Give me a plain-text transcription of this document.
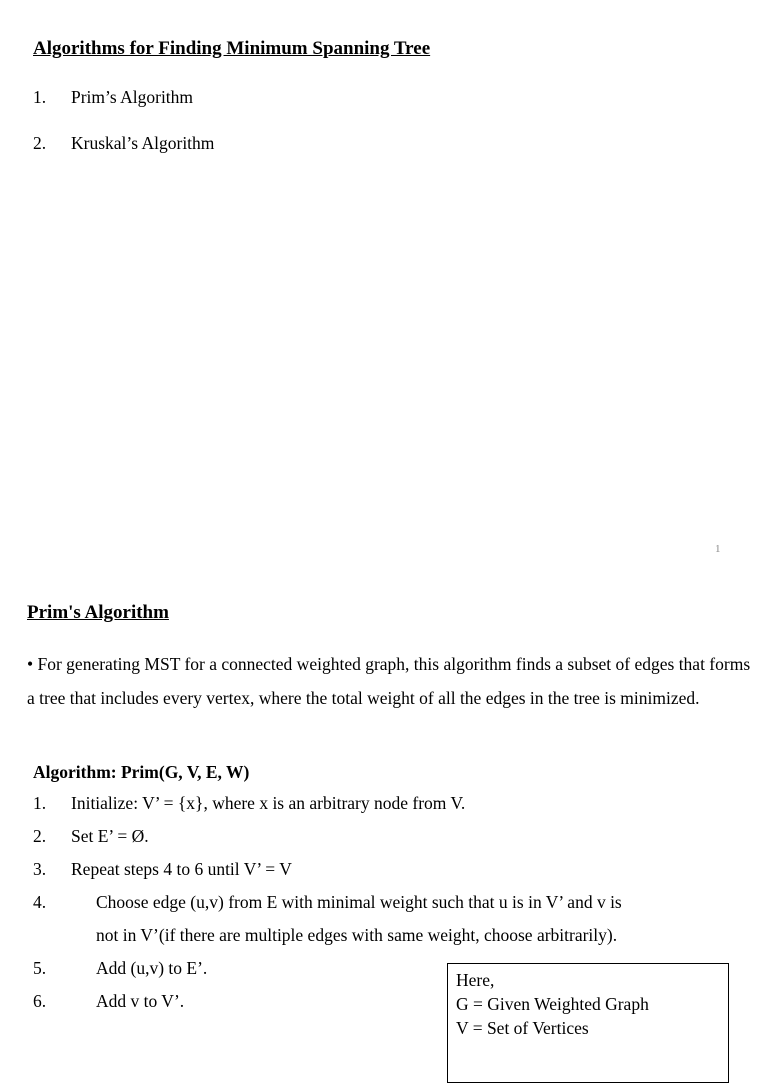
Algorithms for Finding Minimum Spanning Tree
1. Prim’s Algorithm
2. Kruskal’s Algorithm
1
Prim's Algorithm
• For generating MST for a connected weighted graph, this algorithm finds a subset of edges that forms a tree that includes every vertex, where the total weight of all the edges in the tree is minimized.
Algorithm: Prim(G, V, E, W)
1. Initialize: V’ = {x}, where x is an arbitrary node from V.
2. Set E’ = Ø.
3. Repeat steps 4 to 6 until V’ = V
4.	Choose edge (u,v) from E with minimal weight such that u is in V’ and v is
not in V’(if there are multiple edges with same weight, choose arbitrarily).
5.	Add (u,v) to E’.
6.	Add v to V’.
Here,
G = Given Weighted Graph
V = Set of Vertices
